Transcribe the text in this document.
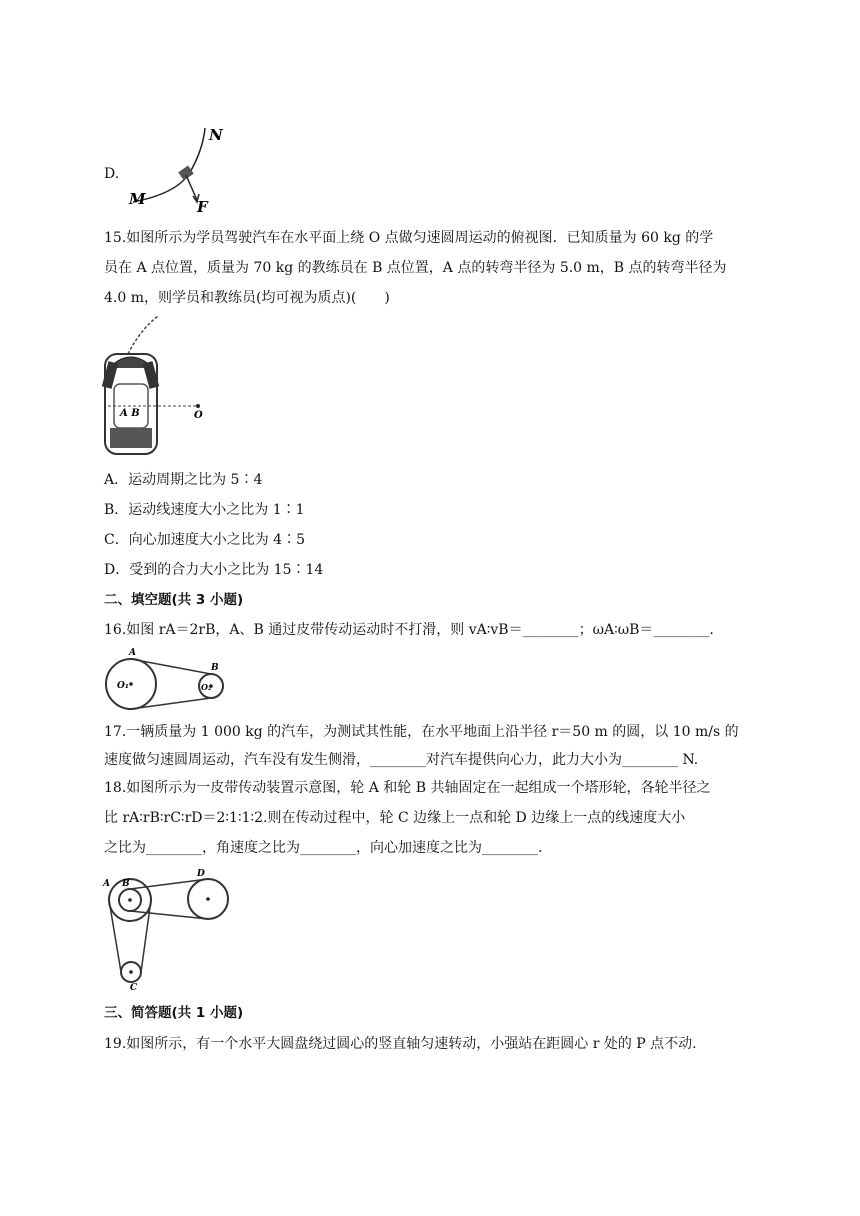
D.
N
M	F
15.如图所示为学员驾驶汽车在水平面上绕 O 点做匀速圆周运动的俯视图．已知质量为 60 kg 的学
员在 A 点位置，质量为 70 kg 的教练员在 B 点位置，A 点的转弯半径为 5.0 m，B 点的转弯半径为
4.0 m，则学员和教练员(均可视为质点)(　　)
A B	O
A．运动周期之比为 5∶4
B．运动线速度大小之比为 1∶1
C．向心加速度大小之比为 4∶5
D．受到的合力大小之比为 15∶14
二、填空题(共 3 小题)
16.如图 rA＝2rB，A、B 通过皮带传动运动时不打滑，则 vA∶vB＝________；ωA∶ωB＝________.
A
B
O₁	O₂
17.一辆质量为 1 000 kg 的汽车，为测试其性能，在水平地面上沿半径 r＝50 m 的圆，以 10 m/s 的
速度做匀速圆周运动，汽车没有发生侧滑，________对汽车提供向心力，此力大小为________ N.
18.如图所示为一皮带传动装置示意图，轮 A 和轮 B 共轴固定在一起组成一个塔形轮，各轮半径之
比 rA∶rB∶rC∶rD＝2∶1∶1∶2.则在传动过程中，轮 C 边缘上一点和轮 D 边缘上一点的线速度大小
之比为________，角速度之比为________，向心加速度之比为________.
A B
D
C
三、简答题(共 1 小题)
19.如图所示，有一个水平大圆盘绕过圆心的竖直轴匀速转动，小强站在距圆心 r 处的 P 点不动.
